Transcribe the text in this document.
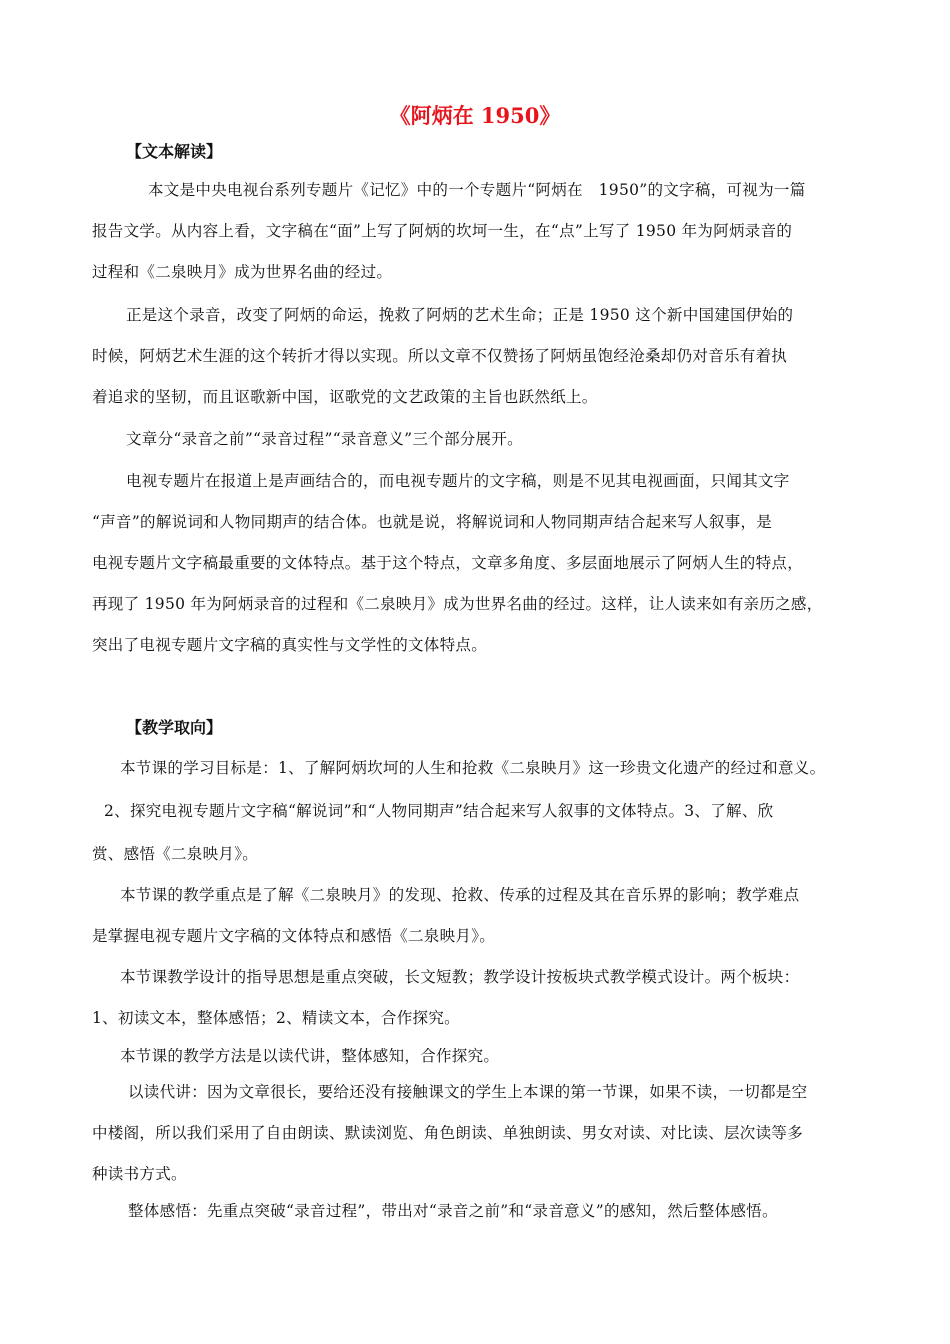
《阿炳在 1950》
【文本解读】
本文是中央电视台系列专题片《记忆》中的一个专题片“阿炳在　1950”的文字稿，可视为一篇
报告文学。从内容上看，文字稿在“面”上写了阿炳的坎坷一生，在“点”上写了 1950 年为阿炳录音的
过程和《二泉映月》成为世界名曲的经过。
正是这个录音，改变了阿炳的命运，挽救了阿炳的艺术生命；正是 1950 这个新中国建国伊始的
时候，阿炳艺术生涯的这个转折才得以实现。所以文章不仅赞扬了阿炳虽饱经沧桑却仍对音乐有着执
着追求的坚韧，而且讴歌新中国，讴歌党的文艺政策的主旨也跃然纸上。
文章分“录音之前”“录音过程”“录音意义”三个部分展开。
电视专题片在报道上是声画结合的，而电视专题片的文字稿，则是不见其电视画面，只闻其文字
“声音”的解说词和人物同期声的结合体。也就是说，将解说词和人物同期声结合起来写人叙事，是
电视专题片文字稿最重要的文体特点。基于这个特点，文章多角度、多层面地展示了阿炳人生的特点，
再现了 1950 年为阿炳录音的过程和《二泉映月》成为世界名曲的经过。这样，让人读来如有亲历之感，
突出了电视专题片文字稿的真实性与文学性的文体特点。
【教学取向】
本节课的学习目标是：1、了解阿炳坎坷的人生和抢救《二泉映月》这一珍贵文化遗产的经过和意义。
2、探究电视专题片文字稿“解说词”和“人物同期声”结合起来写人叙事的文体特点。3、了解、欣
赏、感悟《二泉映月》。
本节课的教学重点是了解《二泉映月》的发现、抢救、传承的过程及其在音乐界的影响；教学难点
是掌握电视专题片文字稿的文体特点和感悟《二泉映月》。
本节课教学设计的指导思想是重点突破，长文短教；教学设计按板块式教学模式设计。两个板块：
1、初读文本，整体感悟；2、精读文本，合作探究。
本节课的教学方法是以读代讲，整体感知，合作探究。
以读代讲：因为文章很长，要给还没有接触课文的学生上本课的第一节课，如果不读，一切都是空
中楼阁，所以我们采用了自由朗读、默读浏览、角色朗读、单独朗读、男女对读、对比读、层次读等多
种读书方式。
整体感悟：先重点突破“录音过程”，带出对“录音之前”和“录音意义”的感知，然后整体感悟。
